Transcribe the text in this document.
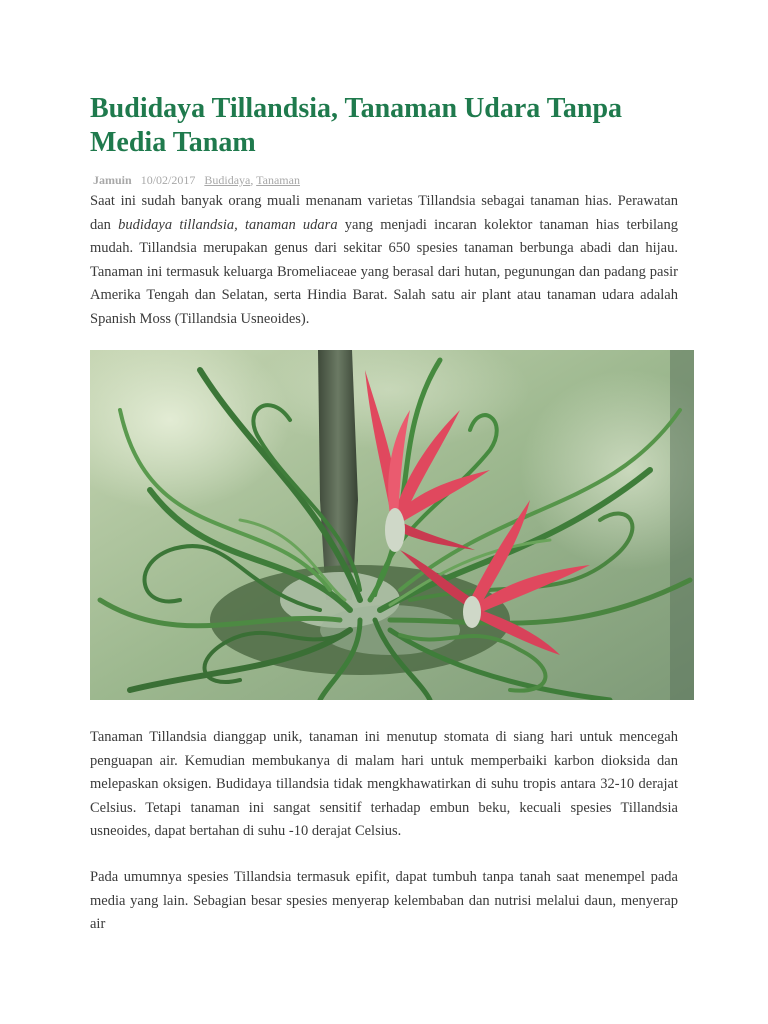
Budidaya Tillandsia, Tanaman Udara Tanpa Media Tanam
Jamuin 10/02/2017 Budidaya, Tanaman

Saat ini sudah banyak orang muali menanam varietas Tillandsia sebagai tanaman hias. Perawatan dan budidaya tillandsia, tanaman udara yang menjadi incaran kolektor tanaman hias terbilang mudah. Tillandsia merupakan genus dari sekitar 650 spesies tanaman berbunga abadi dan hijau. Tanaman ini termasuk keluarga Bromeliaceae yang berasal dari hutan, pegunungan dan padang pasir Amerika Tengah dan Selatan, serta Hindia Barat. Salah satu air plant atau tanaman udara adalah Spanish Moss (Tillandsia Usneoides).

Tanaman Tillandsia dianggap unik, tanaman ini menutup stomata di siang hari untuk mencegah penguapan air. Kemudian membukanya di malam hari untuk memperbaiki karbon dioksida dan melepaskan oksigen. Budidaya tillandsia tidak mengkhawatirkan di suhu tropis antara 32-10 derajat Celsius. Tetapi tanaman ini sangat sensitif terhadap embun beku, kecuali spesies Tillandsia usneoides, dapat bertahan di suhu -10 derajat Celsius.

Pada umumnya spesies Tillandsia termasuk epifit, dapat tumbuh tanpa tanah saat menempel pada media yang lain. Sebagian besar spesies menyerap kelembaban dan nutrisi melalui daun, menyerap air
